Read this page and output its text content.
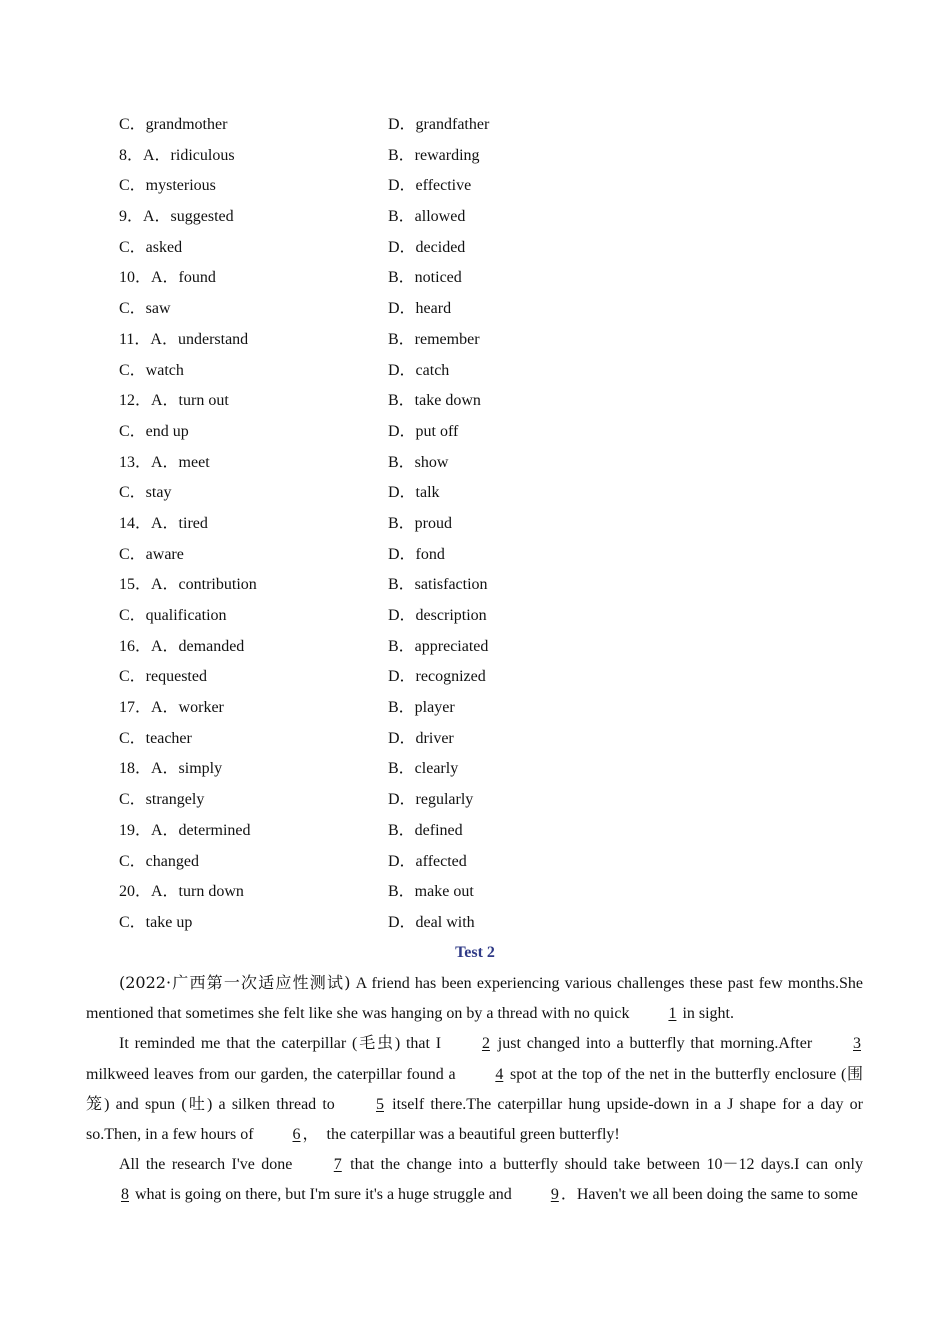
C．grandmother	D．grandfather
8．A．ridiculous	B．rewarding
C．mysterious	D．effective
9．A．suggested	B．allowed
C．asked	D．decided
10．A．found	B．noticed
C．saw	D．heard
11．A．understand	B．remember
C．watch	D．catch
12．A．turn out	B．take down
C．end up	D．put off
13．A．meet	B．show
C．stay	D．talk
14．A．tired	B．proud
C．aware	D．fond
15．A．contribution	B．satisfaction
C．qualification	D．description
16．A．demanded	B．appreciated
C．requested	D．recognized
17．A．worker	B．player
C．teacher	D．driver
18．A．simply	B．clearly
C．strangely	D．regularly
19．A．determined	B．defined
C．changed	D．affected
20．A．turn down	B．make out
C．take up	D．deal with
Test 2

(2022·广西第一次适应性测试) A friend has been experiencing various challenges these past few months.She mentioned that sometimes she felt like she was hanging on by a thread with no quick 1 in sight.

It reminded me that the caterpillar (毛虫) that I 2 just changed into a butterfly that morning.After 3 milkweed leaves from our garden, the caterpillar found a 4 spot at the top of the net in the butterfly enclosure (围笼) and spun (吐) a silken thread to 5 itself there.The caterpillar hung upside-down in a J shape for a day or so.Then, in a few hours of 6 ，　the caterpillar was a beautiful green butterfly!

All the research I've done 7 that the change into a butterfly should take between 10－12 days.I can only 8 what is going on there, but I'm sure it's a huge struggle and 9 ．Haven't we all been doing the same to some
